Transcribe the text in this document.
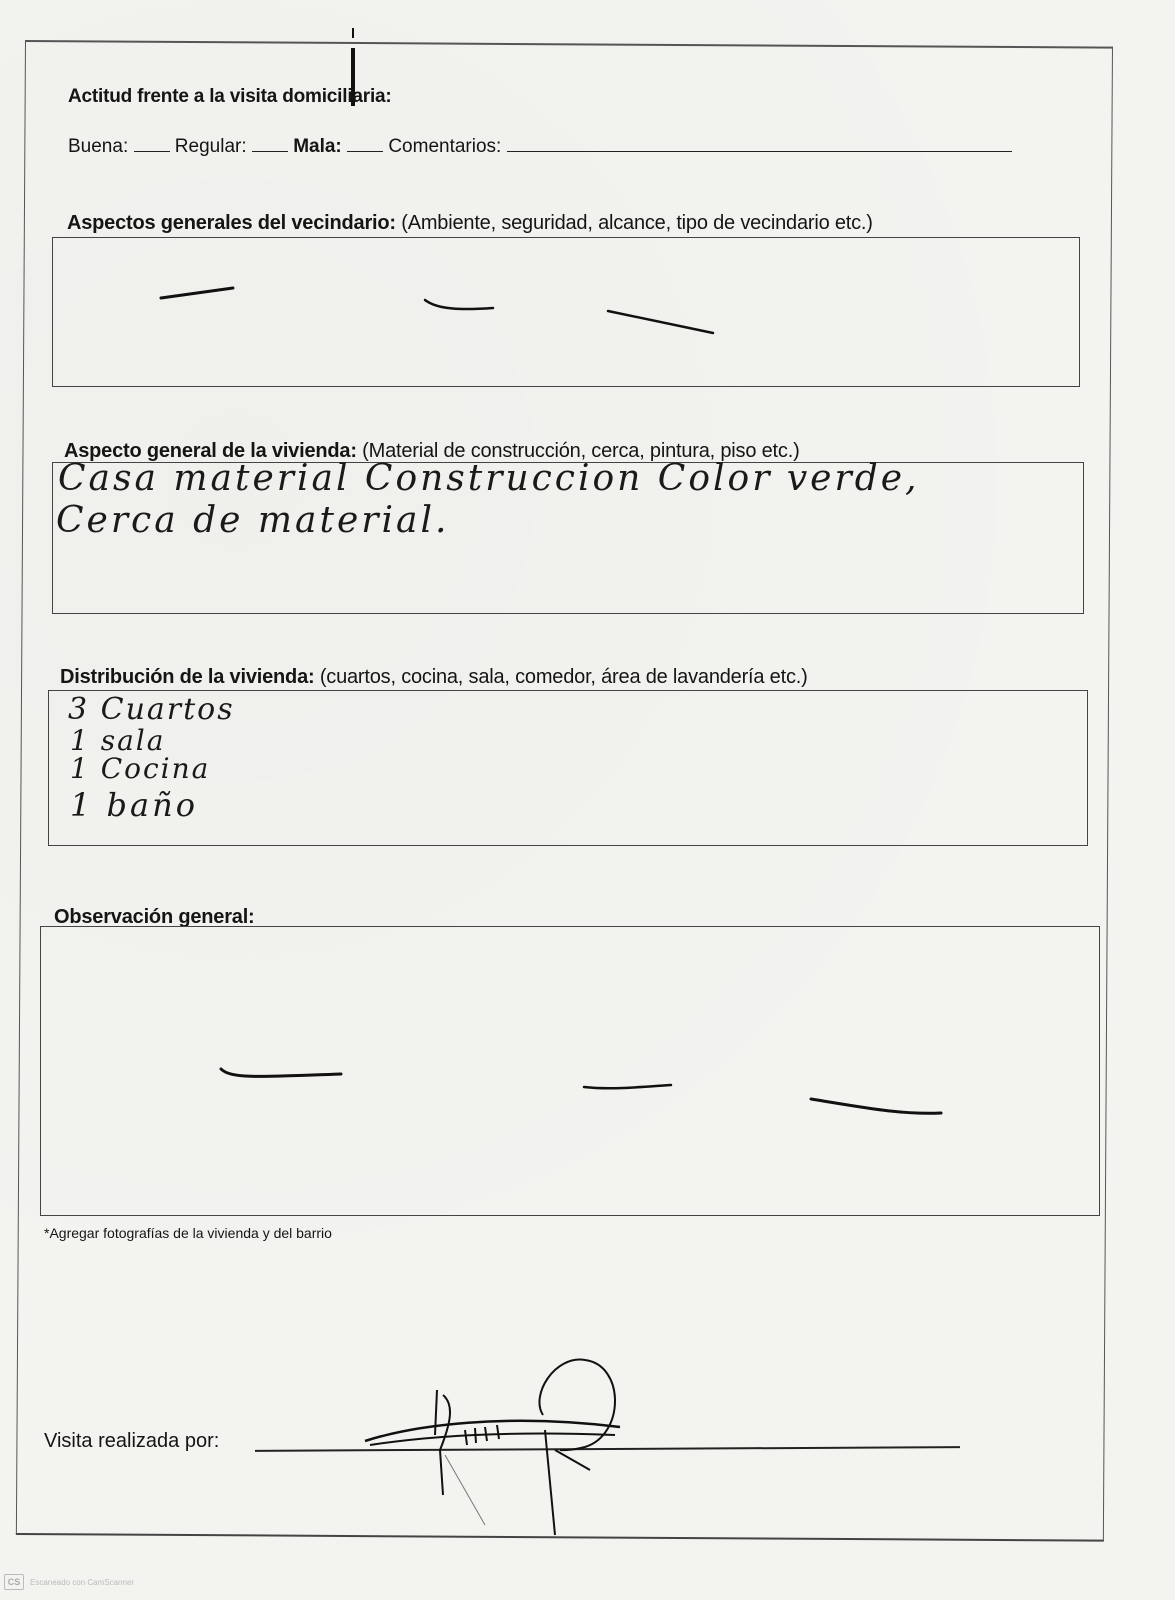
Actitud frente a la visita domiciliaria:
Buena: Regular: Mala: Comentarios:
Aspectos generales del vecindario: (Ambiente, seguridad, alcance, tipo de vecindario etc.)
Aspecto general de la vivienda: (Material de construcción, cerca, pintura, piso etc.)
Casa material Construccion Color verde,
Cerca de material.
Distribución de la vivienda: (cuartos, cocina, sala, comedor, área de lavandería etc.)
3 Cuartos
1 sala
1 Cocina
1 baño
Observación general:
*Agregar fotografías de la vivienda y del barrio
Visita realizada por:
CS	Escaneado con CamScanner
